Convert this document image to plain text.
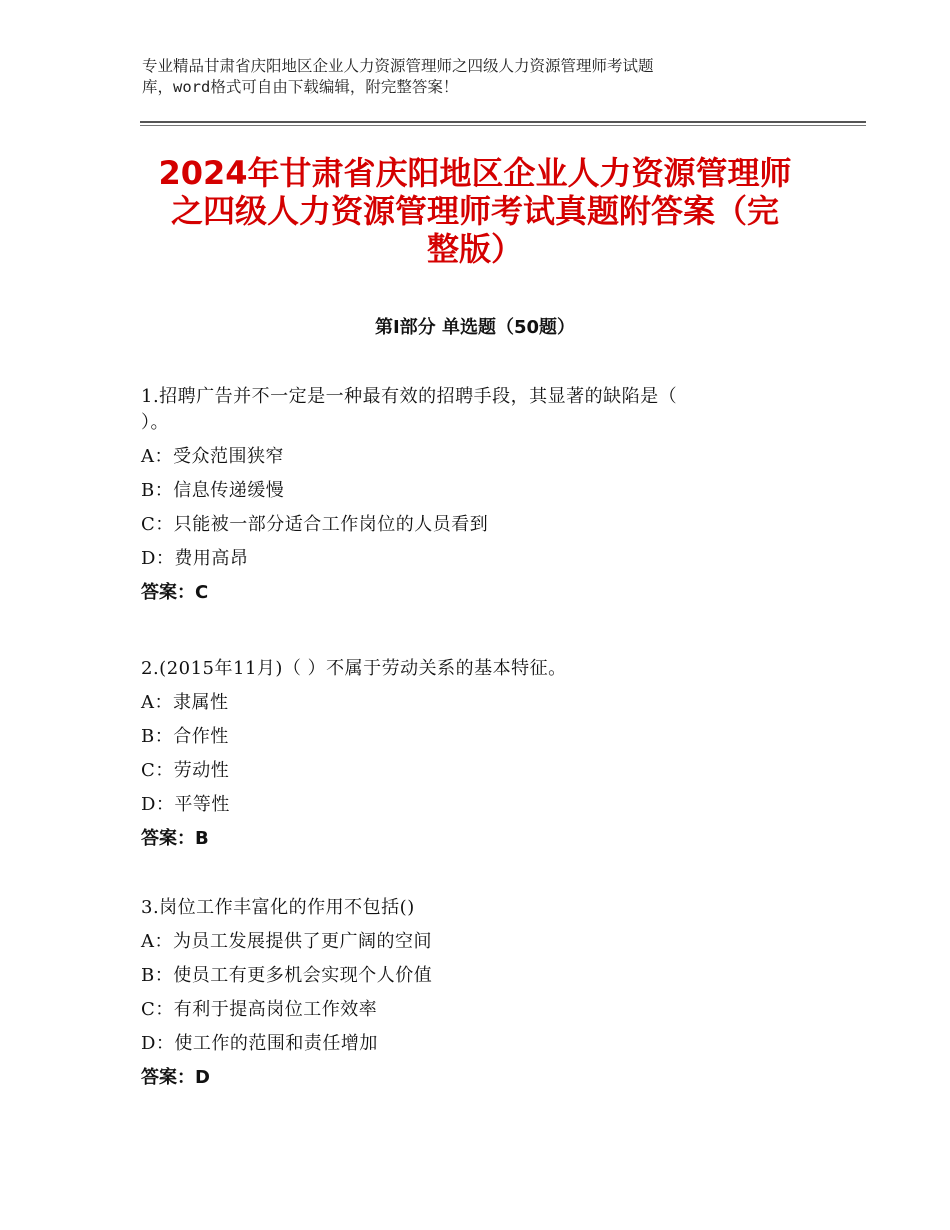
专业精品甘肃省庆阳地区企业人力资源管理师之四级人力资源管理师考试题
库，word格式可自由下载编辑，附完整答案！
2024年甘肃省庆阳地区企业人力资源管理师
之四级人力资源管理师考试真题附答案（完
整版）
第Ⅰ部分 单选题（50题）
1.招聘广告并不一定是一种最有效的招聘手段，其显著的缺陷是（
）。
A：受众范围狭窄
B：信息传递缓慢
C：只能被一部分适合工作岗位的人员看到
D：费用高昂
答案：C
2.(2015年11月)（ ）不属于劳动关系的基本特征。
A：隶属性
B：合作性
C：劳动性
D：平等性
答案：B
3.岗位工作丰富化的作用不包括()
A：为员工发展提供了更广阔的空间
B：使员工有更多机会实现个人价值
C：有利于提高岗位工作效率
D：使工作的范围和责任增加
答案：D
